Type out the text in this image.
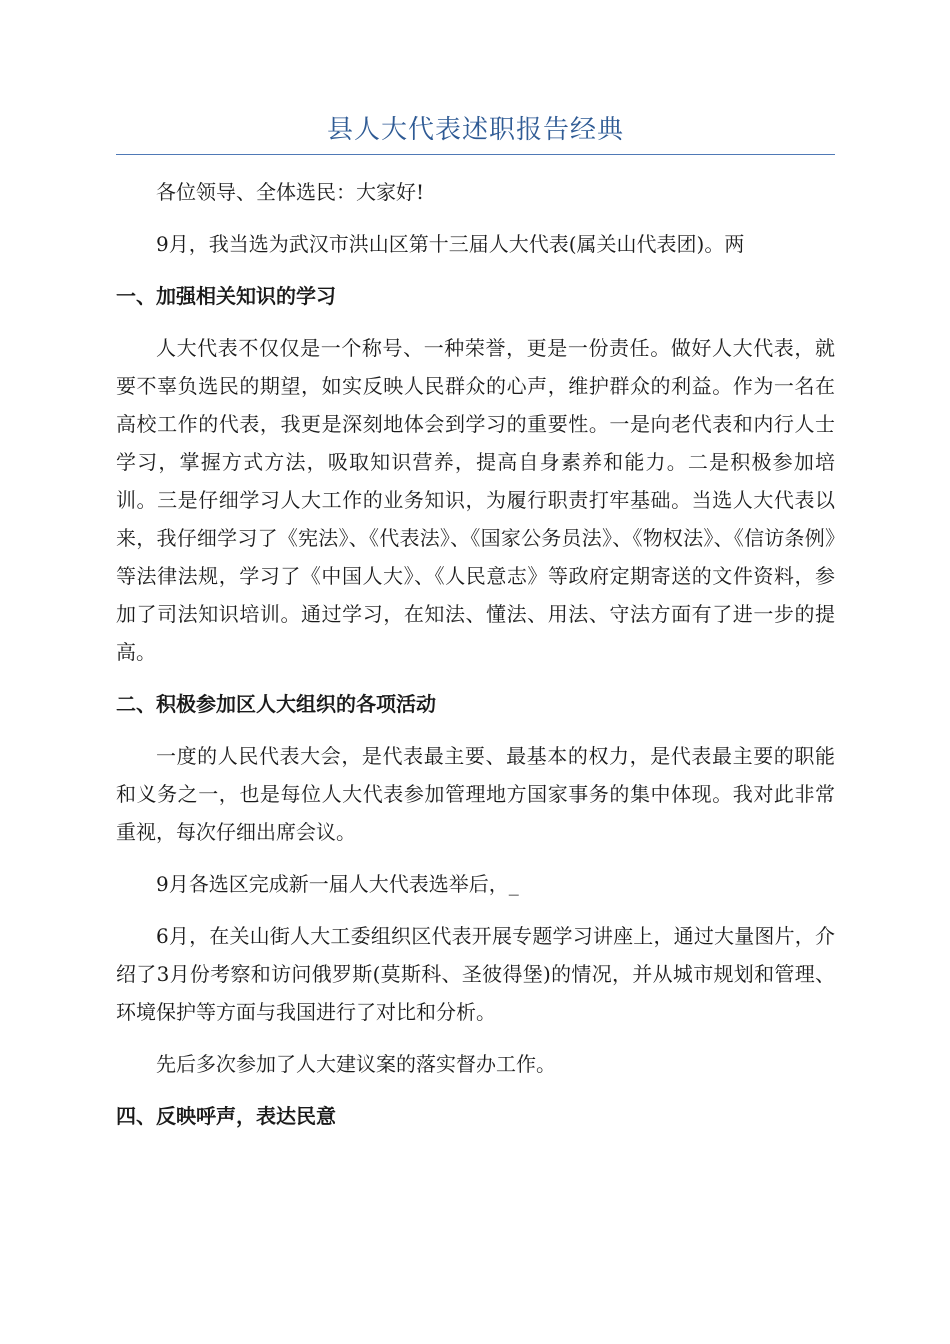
县人大代表述职报告经典

各位领导、全体选民：大家好!

9月，我当选为武汉市洪山区第十三届人大代表(属关山代表团)。两

一、加强相关知识的学习

人大代表不仅仅是一个称号、一种荣誉，更是一份责任。做好人大代表，就要不辜负选民的期望，如实反映人民群众的心声，维护群众的利益。作为一名在高校工作的代表，我更是深刻地体会到学习的重要性。一是向老代表和内行人士学习，掌握方式方法，吸取知识营养，提高自身素养和能力。二是积极参加培训。三是仔细学习人大工作的业务知识，为履行职责打牢基础。当选人大代表以来，我仔细学习了《宪法》、《代表法》、《国家公务员法》、《物权法》、《信访条例》等法律法规，学习了《中国人大》、《人民意志》等政府定期寄送的文件资料，参加了司法知识培训。通过学习，在知法、懂法、用法、守法方面有了进一步的提高。

二、积极参加区人大组织的各项活动

一度的人民代表大会，是代表最主要、最基本的权力，是代表最主要的职能和义务之一，也是每位人大代表参加管理地方国家事务的集中体现。我对此非常重视，每次仔细出席会议。

9月各选区完成新一届人大代表选举后，_

6月，在关山街人大工委组织区代表开展专题学习讲座上，通过大量图片，介绍了3月份考察和访问俄罗斯(莫斯科、圣彼得堡)的情况，并从城市规划和管理、环境保护等方面与我国进行了对比和分析。

先后多次参加了人大建议案的落实督办工作。

四、反映呼声，表达民意
